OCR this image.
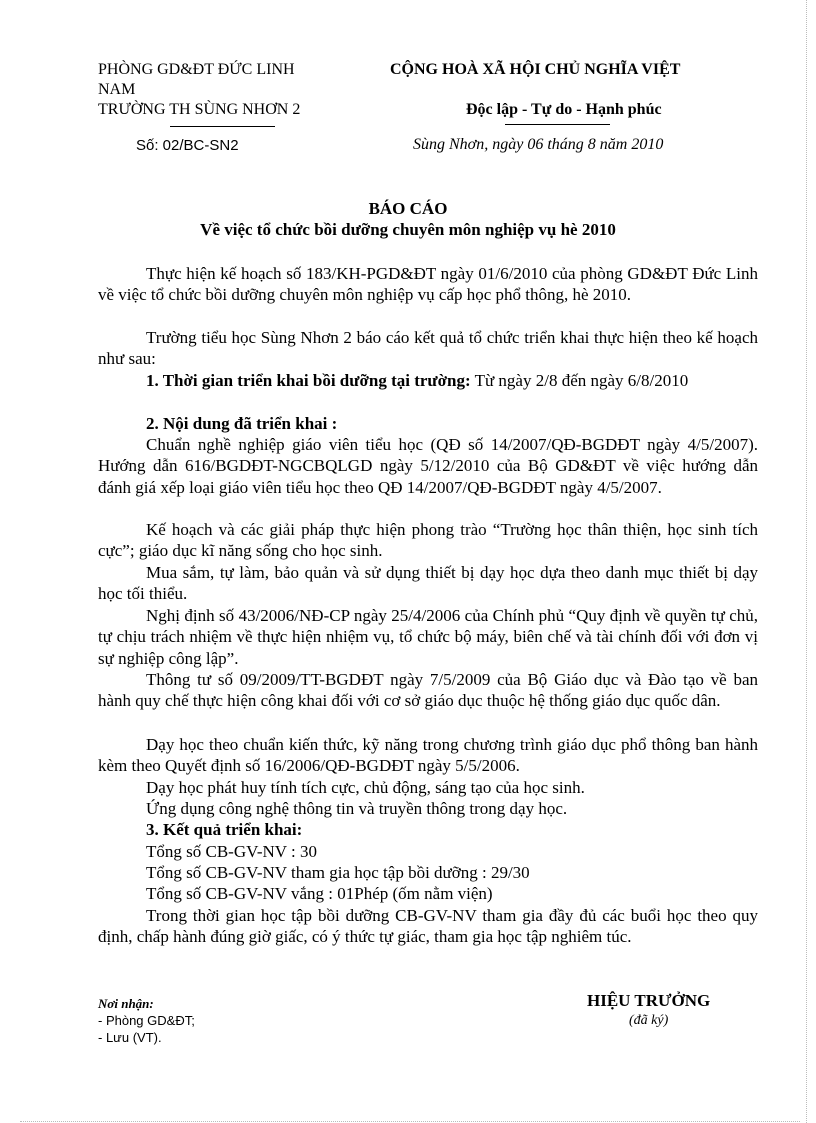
PHÒNG GD&ĐT ĐỨC LINH
NAM
TRƯỜNG TH SÙNG NHƠN 2
Số: 02/BC-SN2
CỘNG HOÀ XÃ HỘI CHỦ NGHĨA VIỆT
Độc lập - Tự do - Hạnh phúc
Sùng Nhơn, ngày 06 tháng 8 năm 2010
BÁO CÁO
Về việc tổ chức bồi dưỡng chuyên môn nghiệp vụ hè 2010
Thực hiện kế hoạch số 183/KH-PGD&ĐT ngày 01/6/2010 của phòng GD&ĐT Đức Linh về việc tổ chức bồi dưỡng chuyên môn nghiệp vụ cấp học phổ thông, hè 2010.
Trường tiểu học Sùng Nhơn 2 báo cáo kết quả tổ chức triển khai thực hiện theo kế hoạch như sau:
1. Thời gian triển khai bồi dưỡng tại trường: Từ ngày 2/8 đến ngày 6/8/2010
2. Nội dung đã triển khai :
Chuẩn nghề nghiệp giáo viên tiểu học (QĐ số 14/2007/QĐ-BGDĐT ngày 4/5/2007). Hướng dẫn 616/BGDĐT-NGCBQLGD ngày 5/12/2010 của Bộ GD&ĐT về việc hướng dẫn đánh giá xếp loại giáo viên tiểu học theo QĐ 14/2007/QĐ-BGDĐT ngày 4/5/2007.
Kế hoạch và các giải pháp thực hiện phong trào “Trường học thân thiện, học sinh tích cực”; giáo dục kĩ năng sống cho học sinh.
Mua sắm, tự làm, bảo quản và sử dụng thiết bị dạy học dựa theo danh mục thiết bị dạy học tối thiểu.
Nghị định số 43/2006/NĐ-CP ngày 25/4/2006 của Chính phủ “Quy định về quyền tự chủ, tự chịu trách nhiệm về thực hiện nhiệm vụ, tổ chức bộ máy, biên chế và tài chính đối với đơn vị sự nghiệp công lập”.
Thông tư số 09/2009/TT-BGDĐT ngày 7/5/2009 của Bộ Giáo dục và Đào tạo về ban hành quy chế thực hiện công khai đối với cơ sở giáo dục thuộc hệ thống giáo dục quốc dân.
Dạy học theo chuẩn kiến thức, kỹ năng trong chương trình giáo dục phổ thông ban hành kèm theo Quyết định số 16/2006/QĐ-BGDĐT ngày 5/5/2006.
Dạy học phát huy tính tích cực, chủ động, sáng tạo của học sinh.
Ứng dụng công nghệ thông tin và truyền thông trong dạy học.
3. Kết quả triển khai:
Tổng số CB-GV-NV : 30
Tổng số CB-GV-NV tham gia học tập bồi dưỡng : 29/30
Tổng số CB-GV-NV vắng : 01Phép (ốm nằm viện)
Trong thời gian học tập bồi dưỡng CB-GV-NV tham gia đầy đủ các buổi học theo quy định, chấp hành đúng giờ giấc, có ý thức tự giác, tham gia học tập nghiêm túc.
Nơi nhận:
- Phòng GD&ĐT;
- Lưu (VT).
HIỆU TRƯỞNG
(đã ký)
